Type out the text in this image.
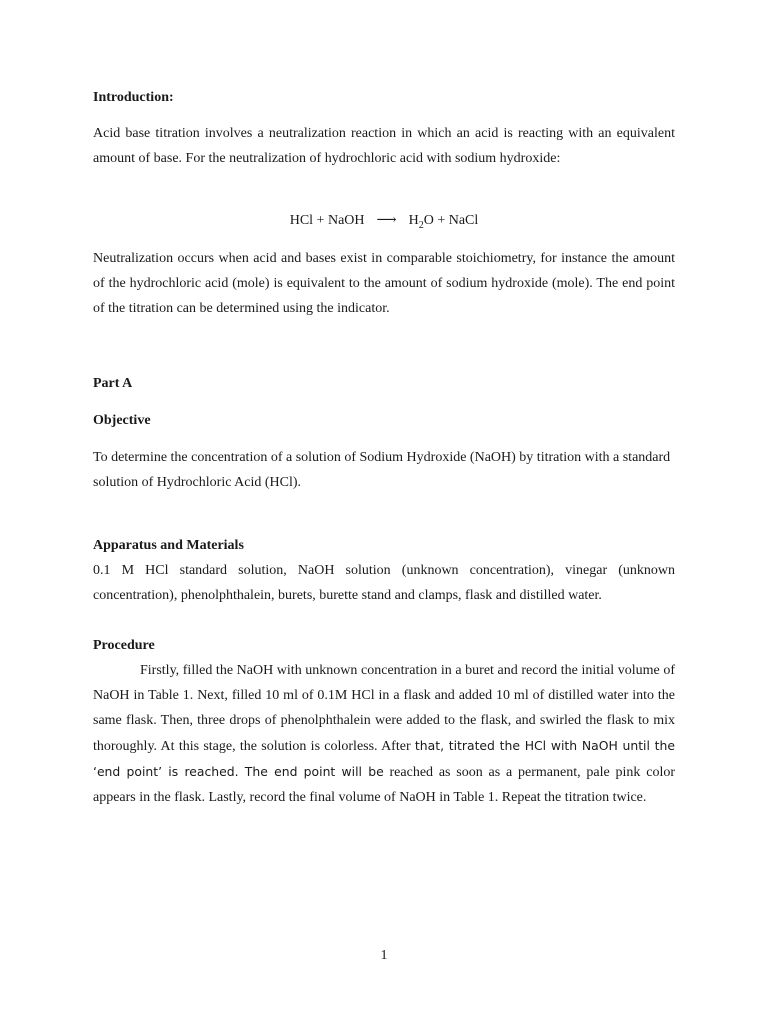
Introduction:

Acid base titration involves a neutralization reaction in which an acid is reacting with an equivalent amount of base. For the neutralization of hydrochloric acid with sodium hydroxide:

HCl + NaOH ⟶ $H_2O$ + NaCl

Neutralization occurs when acid and bases exist in comparable stoichiometry, for instance the amount of the hydrochloric acid (mole) is equivalent to the amount of sodium hydroxide (mole). The end point of the titration can be determined using the indicator.

Part A
Objective

To determine the concentration of a solution of Sodium Hydroxide (NaOH) by titration with a standard solution of Hydrochloric Acid (HCl).

Apparatus and Materials

0.1 M HCl standard solution, NaOH solution (unknown concentration), vinegar (unknown concentration), phenolphthalein, burets, burette stand and clamps, flask and distilled water.

Procedure

Firstly, filled the NaOH with unknown concentration in a buret and record the initial volume of NaOH in Table 1. Next, filled 10 ml of 0.1M HCl in a flask and added 10 ml of distilled water into the same flask. Then, three drops of phenolphthalein were added to the flask, and swirled the flask to mix thoroughly. At this stage, the solution is colorless. After that, titrated the HCl with NaOH until the ‘end point’ is reached. The end point will be reached as soon as a permanent, pale pink color appears in the flask. Lastly, record the final volume of NaOH in Table 1. Repeat the titration twice.

1
